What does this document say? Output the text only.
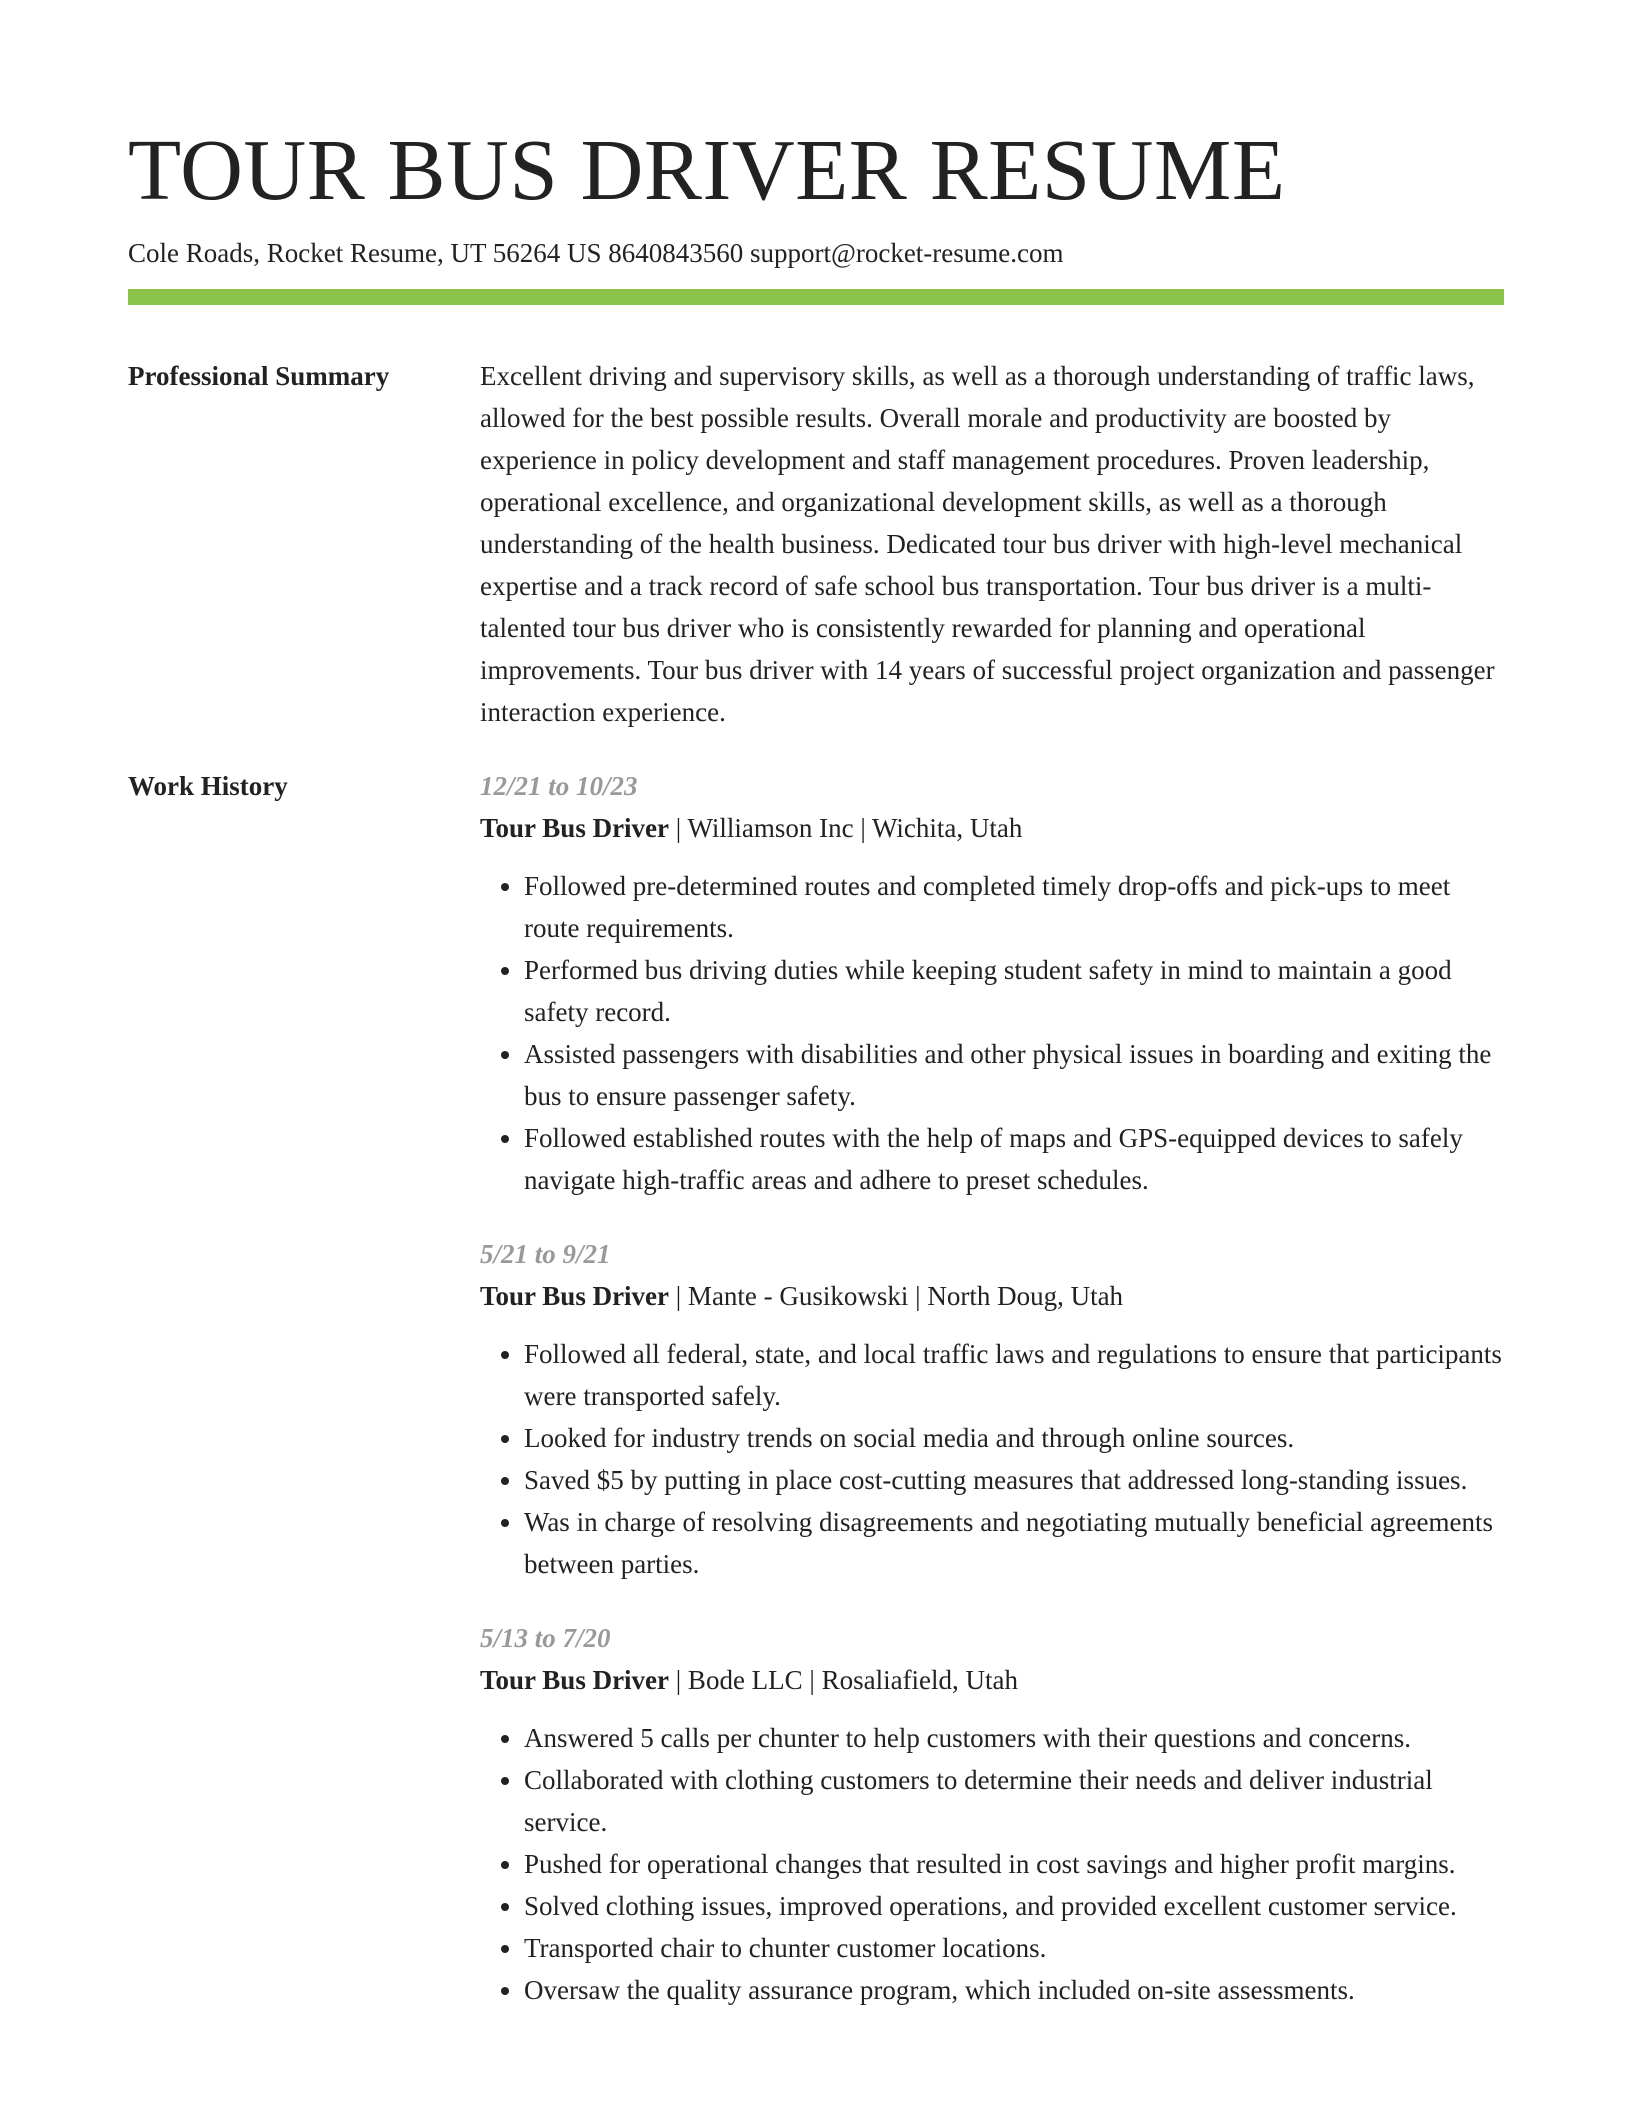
TOUR BUS DRIVER RESUME
Cole Roads, Rocket Resume, UT 56264 US 8640843560 support@rocket-resume.com
Professional Summary	Excellent driving and supervisory skills, as well as a thorough understanding of traffic laws, allowed for the best possible results. Overall morale and productivity are boosted by experience in policy development and staff management procedures. Proven leadership, operational excellence, and organizational development skills, as well as a thorough understanding of the health business. Dedicated tour bus driver with high-level mechanical expertise and a track record of safe school bus transportation. Tour bus driver is a multi-talented tour bus driver who is consistently rewarded for planning and operational improvements. Tour bus driver with 14 years of successful project organization and passenger interaction experience.

Work History	12/21 to 10/23
Tour Bus Driver | Williamson Inc | Wichita, Utah
• Followed pre-determined routes and completed timely drop-offs and pick-ups to meet route requirements.
• Performed bus driving duties while keeping student safety in mind to maintain a good safety record.
• Assisted passengers with disabilities and other physical issues in boarding and exiting the bus to ensure passenger safety.
• Followed established routes with the help of maps and GPS-equipped devices to safely navigate high-traffic areas and adhere to preset schedules.
5/21 to 9/21
Tour Bus Driver | Mante - Gusikowski | North Doug, Utah
• Followed all federal, state, and local traffic laws and regulations to ensure that participants were transported safely.
• Looked for industry trends on social media and through online sources.
• Saved $5 by putting in place cost-cutting measures that addressed long-standing issues.
• Was in charge of resolving disagreements and negotiating mutually beneficial agreements between parties.
5/13 to 7/20
Tour Bus Driver | Bode LLC | Rosaliafield, Utah
• Answered 5 calls per chunter to help customers with their questions and concerns.
• Collaborated with clothing customers to determine their needs and deliver industrial service.
• Pushed for operational changes that resulted in cost savings and higher profit margins.
• Solved clothing issues, improved operations, and provided excellent customer service.
• Transported chair to chunter customer locations.
• Oversaw the quality assurance program, which included on-site assessments.
